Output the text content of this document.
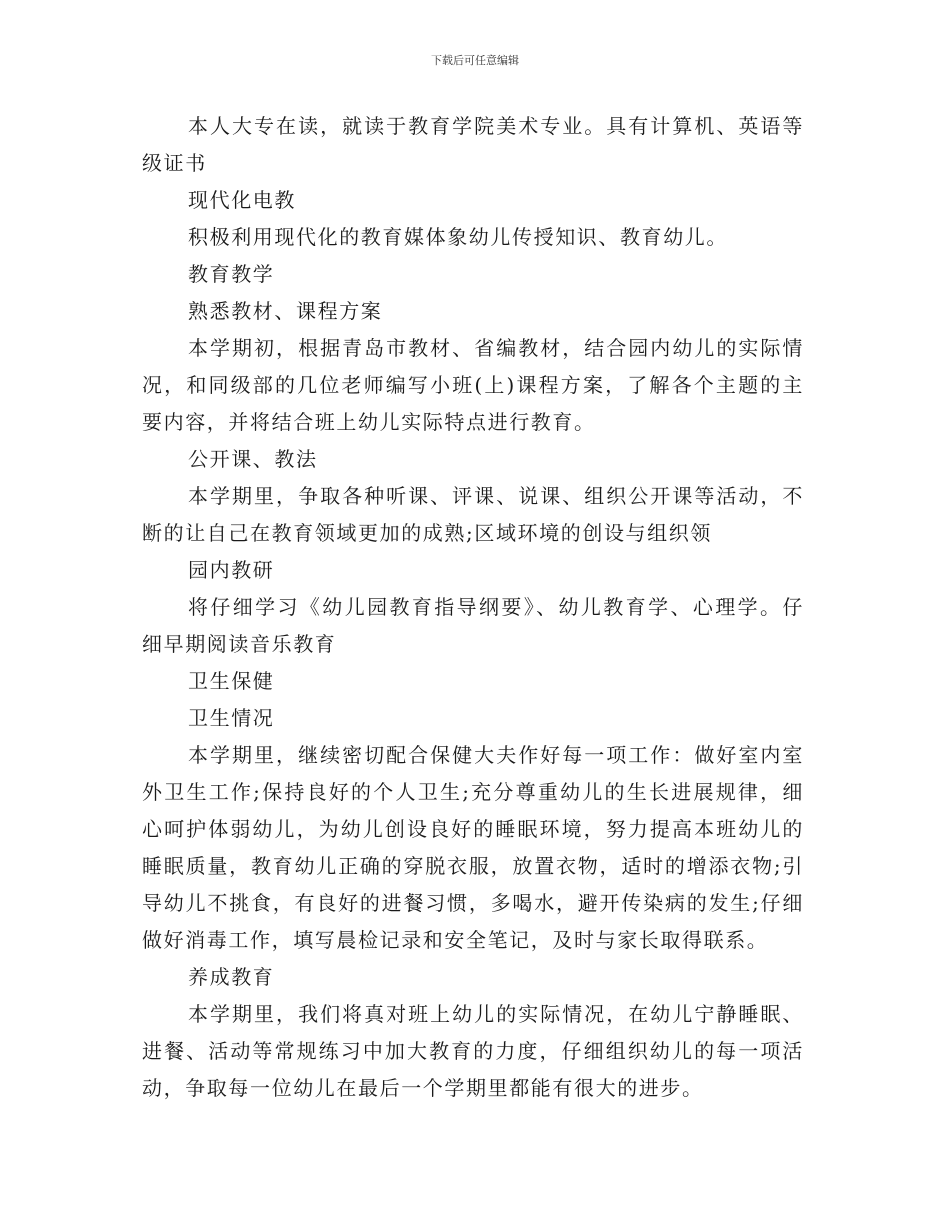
下载后可任意编辑

本人大专在读，就读于教育学院美术专业。具有计算机、英语等级证书

现代化电教

积极利用现代化的教育媒体象幼儿传授知识、教育幼儿。

教育教学

熟悉教材、课程方案

本学期初，根据青岛市教材、省编教材，结合园内幼儿的实际情况，和同级部的几位老师编写小班(上)课程方案，了解各个主题的主要内容，并将结合班上幼儿实际特点进行教育。

公开课、教法

本学期里，争取各种听课、评课、说课、组织公开课等活动，不断的让自己在教育领域更加的成熟;区域环境的创设与组织领

园内教研

将仔细学习《幼儿园教育指导纲要》、幼儿教育学、心理学。仔细早期阅读音乐教育

卫生保健

卫生情况

本学期里，继续密切配合保健大夫作好每一项工作：做好室内室外卫生工作;保持良好的个人卫生;充分尊重幼儿的生长进展规律，细心呵护体弱幼儿，为幼儿创设良好的睡眠环境，努力提高本班幼儿的睡眠质量，教育幼儿正确的穿脱衣服，放置衣物，适时的增添衣物;引导幼儿不挑食，有良好的进餐习惯，多喝水，避开传染病的发生;仔细做好消毒工作，填写晨检记录和安全笔记，及时与家长取得联系。

养成教育

本学期里，我们将真对班上幼儿的实际情况，在幼儿宁静睡眠、进餐、活动等常规练习中加大教育的力度，仔细组织幼儿的每一项活动，争取每一位幼儿在最后一个学期里都能有很大的进步。
